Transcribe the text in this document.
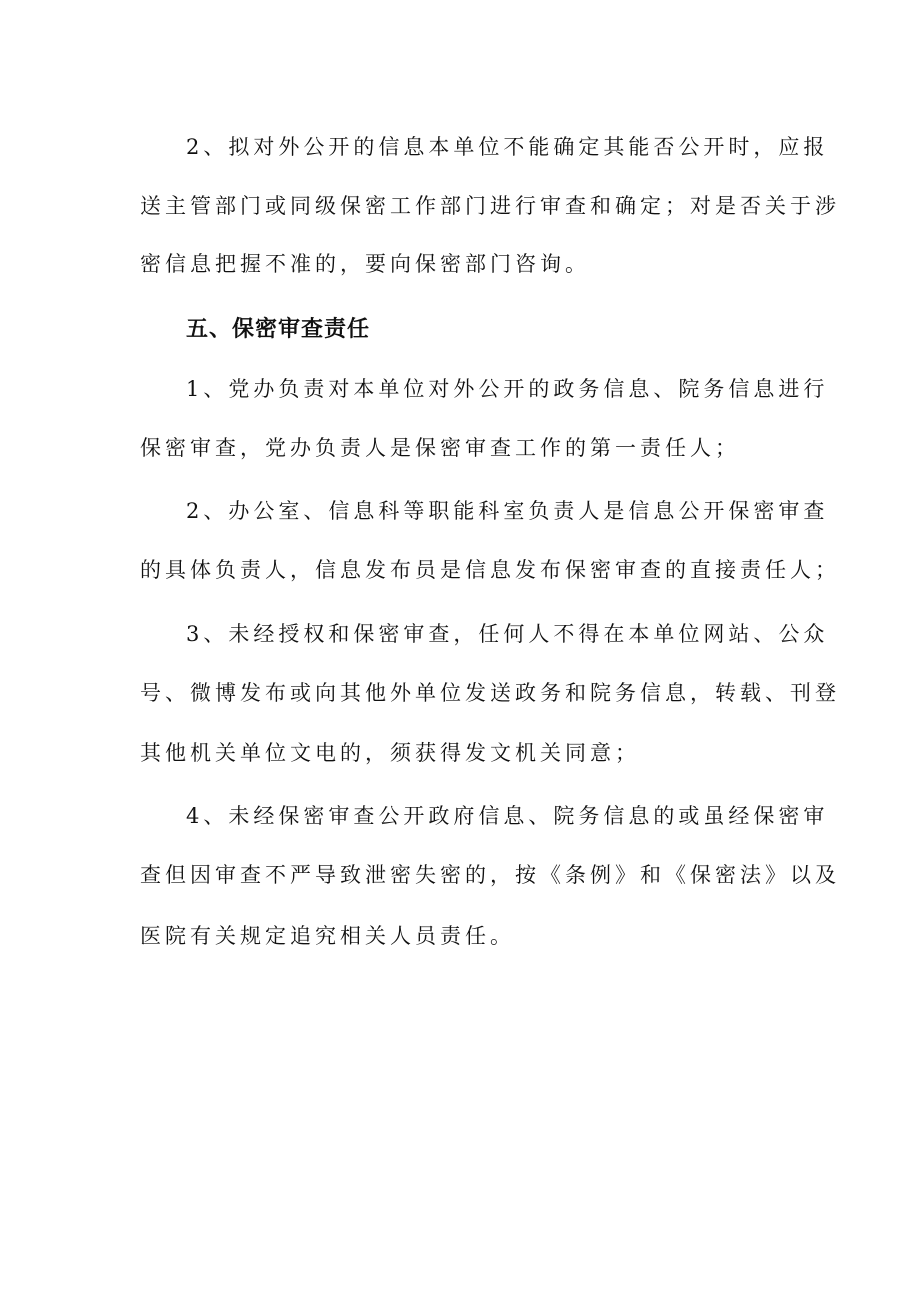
2、拟对外公开的信息本单位不能确定其能否公开时，应报
送主管部门或同级保密工作部门进行审查和确定；对是否关于涉
密信息把握不准的，要向保密部门咨询。
五、保密审查责任
1、党办负责对本单位对外公开的政务信息、院务信息进行
保密审查，党办负责人是保密审查工作的第一责任人；
2、办公室、信息科等职能科室负责人是信息公开保密审查
的具体负责人，信息发布员是信息发布保密审查的直接责任人；
3、未经授权和保密审查，任何人不得在本单位网站、公众
号、微博发布或向其他外单位发送政务和院务信息，转载、刊登
其他机关单位文电的，须获得发文机关同意；
4、未经保密审查公开政府信息、院务信息的或虽经保密审
查但因审查不严导致泄密失密的，按《条例》和《保密法》以及
医院有关规定追究相关人员责任。
